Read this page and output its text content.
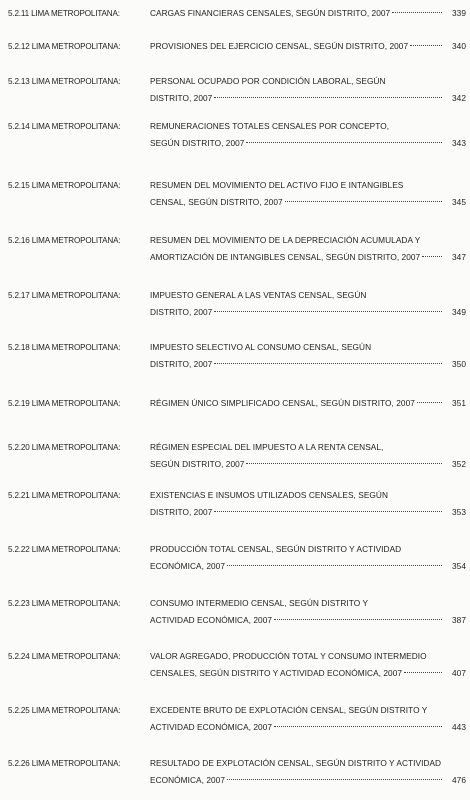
5.2.11 LIMA METROPOLITANA:	CARGAS FINANCIERAS CENSALES, SEGÚN DISTRITO, 2007	339
5.2.12 LIMA METROPOLITANA:	PROVISIONES DEL EJERCICIO CENSAL, SEGÚN DISTRITO, 2007	340
5.2.13 LIMA METROPOLITANA:	PERSONAL OCUPADO POR CONDICIÓN LABORAL, SEGÚN
DISTRITO, 2007	342
5.2.14 LIMA METROPOLITANA:	REMUNERACIONES TOTALES CENSALES POR CONCEPTO,
SEGÚN DISTRITO, 2007	343
5.2.15 LIMA METROPOLITANA:	RESUMEN DEL MOVIMIENTO DEL ACTIVO FIJO E INTANGIBLES
CENSAL, SEGÚN DISTRITO, 2007	345
5.2.16 LIMA METROPOLITANA:	RESUMEN DEL MOVIMIENTO DE LA DEPRECIACIÓN ACUMULADA Y
AMORTIZACIÓN DE INTANGIBLES CENSAL, SEGÚN DISTRITO, 2007	347
5.2.17 LIMA METROPOLITANA:	IMPUESTO GENERAL A LAS VENTAS CENSAL, SEGÚN
DISTRITO, 2007	349
5.2.18 LIMA METROPOLITANA:	IMPUESTO SELECTIVO AL CONSUMO CENSAL, SEGÚN
DISTRITO, 2007	350
5.2.19 LIMA METROPOLITANA:	RÉGIMEN ÚNICO SIMPLIFICADO CENSAL, SEGÚN DISTRITO, 2007	351
5.2.20 LIMA METROPOLITANA:	RÉGIMEN ESPECIAL DEL IMPUESTO A LA RENTA CENSAL,
SEGÚN DISTRITO, 2007	352
5.2.21 LIMA METROPOLITANA:	EXISTENCIAS E INSUMOS UTILIZADOS CENSALES, SEGÚN
DISTRITO, 2007	353
5.2.22 LIMA METROPOLITANA:	PRODUCCIÓN TOTAL CENSAL, SEGÚN DISTRITO Y ACTIVIDAD
ECONÓMICA, 2007	354
5.2.23 LIMA METROPOLITANA:	CONSUMO INTERMEDIO CENSAL, SEGÚN DISTRITO Y
ACTIVIDAD ECONÓMICA, 2007	387
5.2.24 LIMA METROPOLITANA:	VALOR AGREGADO, PRODUCCIÓN TOTAL Y CONSUMO INTERMEDIO
CENSALES, SEGÚN DISTRITO Y ACTIVIDAD ECONÓMICA, 2007	407
5.2.25 LIMA METROPOLITANA:	EXCEDENTE BRUTO DE EXPLOTACIÓN CENSAL, SEGÚN DISTRITO Y
ACTIVIDAD ECONÓMICA, 2007	443
5.2.26 LIMA METROPOLITANA:	RESULTADO DE EXPLOTACIÓN CENSAL, SEGÚN DISTRITO Y ACTIVIDAD
ECONÓMICA, 2007	476
